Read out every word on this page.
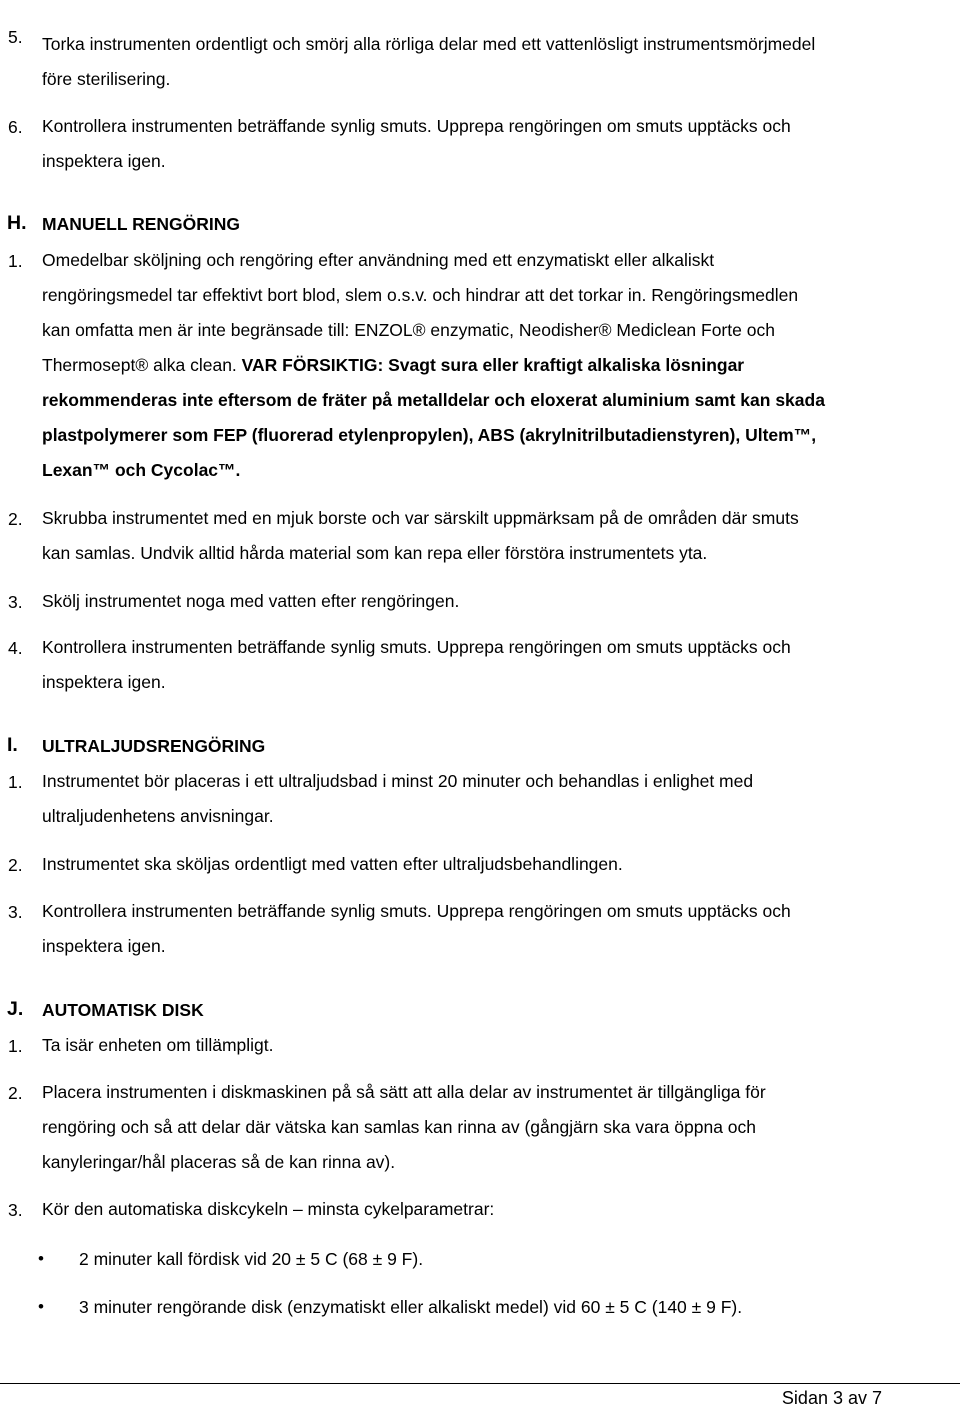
5. Torka instrumenten ordentligt och smörj alla rörliga delar med ett vattenlösligt instrumentsmörjmedel
före sterilisering.
6. Kontrollera instrumenten beträffande synlig smuts. Upprepa rengöringen om smuts upptäcks och
inspektera igen.
H. MANUELL RENGÖRING
1. Omedelbar sköljning och rengöring efter användning med ett enzymatiskt eller alkaliskt
rengöringsmedel tar effektivt bort blod, slem o.s.v. och hindrar att det torkar in. Rengöringsmedlen
kan omfatta men är inte begränsade till: ENZOL® enzymatic, Neodisher® Mediclean Forte och
Thermosept® alka clean. VAR FÖRSIKTIG: Svagt sura eller kraftigt alkaliska lösningar
rekommenderas inte eftersom de fräter på metalldelar och eloxerat aluminium samt kan skada
plastpolymerer som FEP (fluorerad etylenpropylen), ABS (akrylnitrilbutadienstyren), Ultem™,
Lexan™ och Cycolac™.
2. Skrubba instrumentet med en mjuk borste och var särskilt uppmärksam på de områden där smuts
kan samlas. Undvik alltid hårda material som kan repa eller förstöra instrumentets yta.
3. Skölj instrumentet noga med vatten efter rengöringen.
4. Kontrollera instrumenten beträffande synlig smuts. Upprepa rengöringen om smuts upptäcks och
inspektera igen.
I. ULTRALJUDSRENGÖRING
1. Instrumentet bör placeras i ett ultraljudsbad i minst 20 minuter och behandlas i enlighet med
ultraljudenhetens anvisningar.
2. Instrumentet ska sköljas ordentligt med vatten efter ultraljudsbehandlingen.
3. Kontrollera instrumenten beträffande synlig smuts. Upprepa rengöringen om smuts upptäcks och
inspektera igen.
J. AUTOMATISK DISK
1. Ta isär enheten om tillämpligt.
2. Placera instrumenten i diskmaskinen på så sätt att alla delar av instrumentet är tillgängliga för
rengöring och så att delar där vätska kan samlas kan rinna av (gångjärn ska vara öppna och
kanyleringar/hål placeras så de kan rinna av).
3. Kör den automatiska diskcykeln – minsta cykelparametrar:
• 2 minuter kall fördisk vid 20 ± 5 C (68 ± 9 F).
• 3 minuter rengörande disk (enzymatiskt eller alkaliskt medel) vid 60 ± 5 C (140 ± 9 F).
Sidan 3 av 7
